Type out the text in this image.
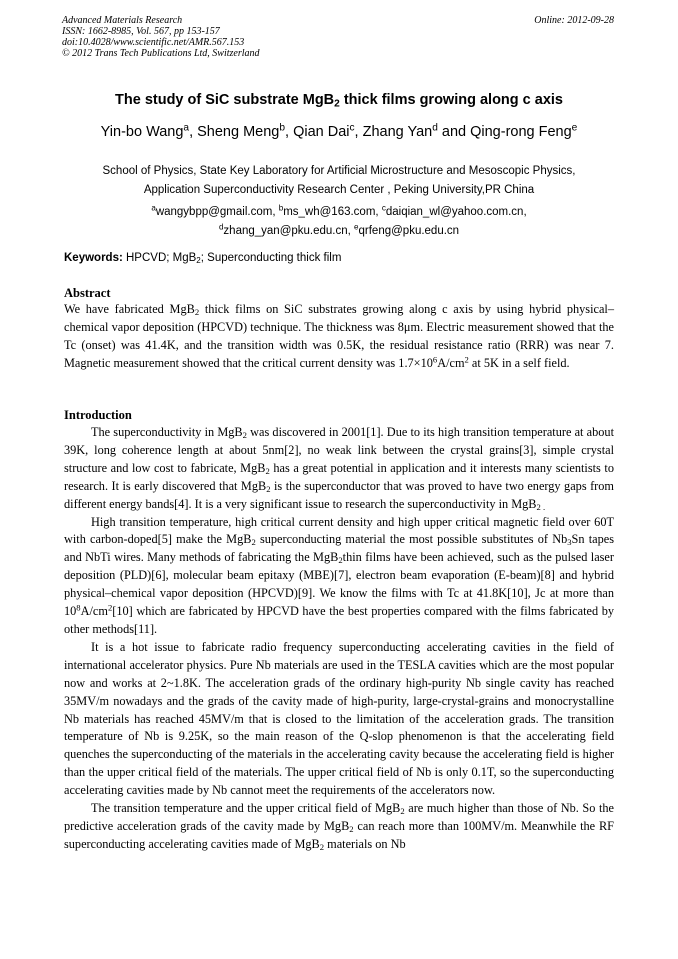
Advanced Materials Research
ISSN: 1662-8985, Vol. 567, pp 153-157
doi:10.4028/www.scientific.net/AMR.567.153
© 2012 Trans Tech Publications Ltd, Switzerland
Online: 2012-09-28
The study of SiC substrate MgB$_2$ thick films growing along c axis
Yin-bo Wang$^a$, Sheng Meng$^b$, Qian Dai$^c$, Zhang Yan$^d$ and Qing-rong Feng$^e$
School of Physics, State Key Laboratory for Artificial Microstructure and Mesoscopic Physics,
Application Superconductivity Research Center , Peking University,PR China
$^a$wangybpp@gmail.com, $^b$ms_wh@163.com, $^c$daiqian_wl@yahoo.com.cn,
$^d$zhang_yan@pku.edu.cn, $^e$qrfeng@pku.edu.cn
Keywords: HPCVD; MgB$_2$; Superconducting thick film
Abstract

We have fabricated MgB$_2$ thick films on SiC substrates growing along c axis by using hybrid physical–chemical vapor deposition (HPCVD) technique. The thickness was 8μm. Electric measurement showed that the Tc (onset) was 41.4K, and the transition width was 0.5K, the residual resistance ratio (RRR) was near 7. Magnetic measurement showed that the critical current density was $1.7\times 10^6A/cm^2$ at 5K in a self field.

Introduction

The superconductivity in MgB$_2$ was discovered in 2001[1]. Due to its high transition temperature at about 39K, long coherence length at about 5nm[2], no weak link between the crystal grains[3], simple crystal structure and low cost to fabricate, MgB$_2$ has a great potential in application and it interests many scientists to research. It is early discovered that MgB$_2$ is the superconductor that was proved to have two energy gaps from different energy bands[4]. It is a very significant issue to research the superconductivity in MgB$_{2 .}$

High transition temperature, high critical current density and high upper critical magnetic field over 60T with carbon-doped[5] make the MgB$_2$ superconducting material the most possible substitutes of $Nb_3Sn$ tapes and NbTi wires. Many methods of fabricating the MgB$_2$thin films have been achieved, such as the pulsed laser deposition (PLD)[6], molecular beam epitaxy (MBE)[7], electron beam evaporation (E-beam)[8] and hybrid physical–chemical vapor deposition (HPCVD)[9]. We know the films with Tc at 41.8K[10], Jc at more than $10^8A/cm^2[10]$ which are fabricated by HPCVD have the best properties compared with the films fabricated by other methods[11].

It is a hot issue to fabricate radio frequency superconducting accelerating cavities in the field of international accelerator physics. Pure Nb materials are used in the TESLA cavities which are the most popular now and works at 2~1.8K. The acceleration grads of the ordinary high-purity Nb single cavity has reached 35MV/m nowadays and the grads of the cavity made of high-purity, large-crystal-grains and monocrystalline Nb materials has reached 45MV/m that is closed to the limitation of the acceleration grads. The transition temperature of Nb is 9.25K, so the main reason of the Q-slop phenomenon is that the accelerating field quenches the superconducting of the materials in the accelerating cavity because the accelerating field is higher than the upper critical field of the materials. The upper critical field of Nb is only 0.1T, so the superconducting accelerating cavities made by Nb cannot meet the requirements of the accelerators now.

The transition temperature and the upper critical field of MgB$_2$ are much higher than those of Nb. So the predictive acceleration grads of the cavity made by MgB$_2$ can reach more than 100MV/m. Meanwhile the RF superconducting accelerating cavities made of MgB$_2$ materials on Nb
